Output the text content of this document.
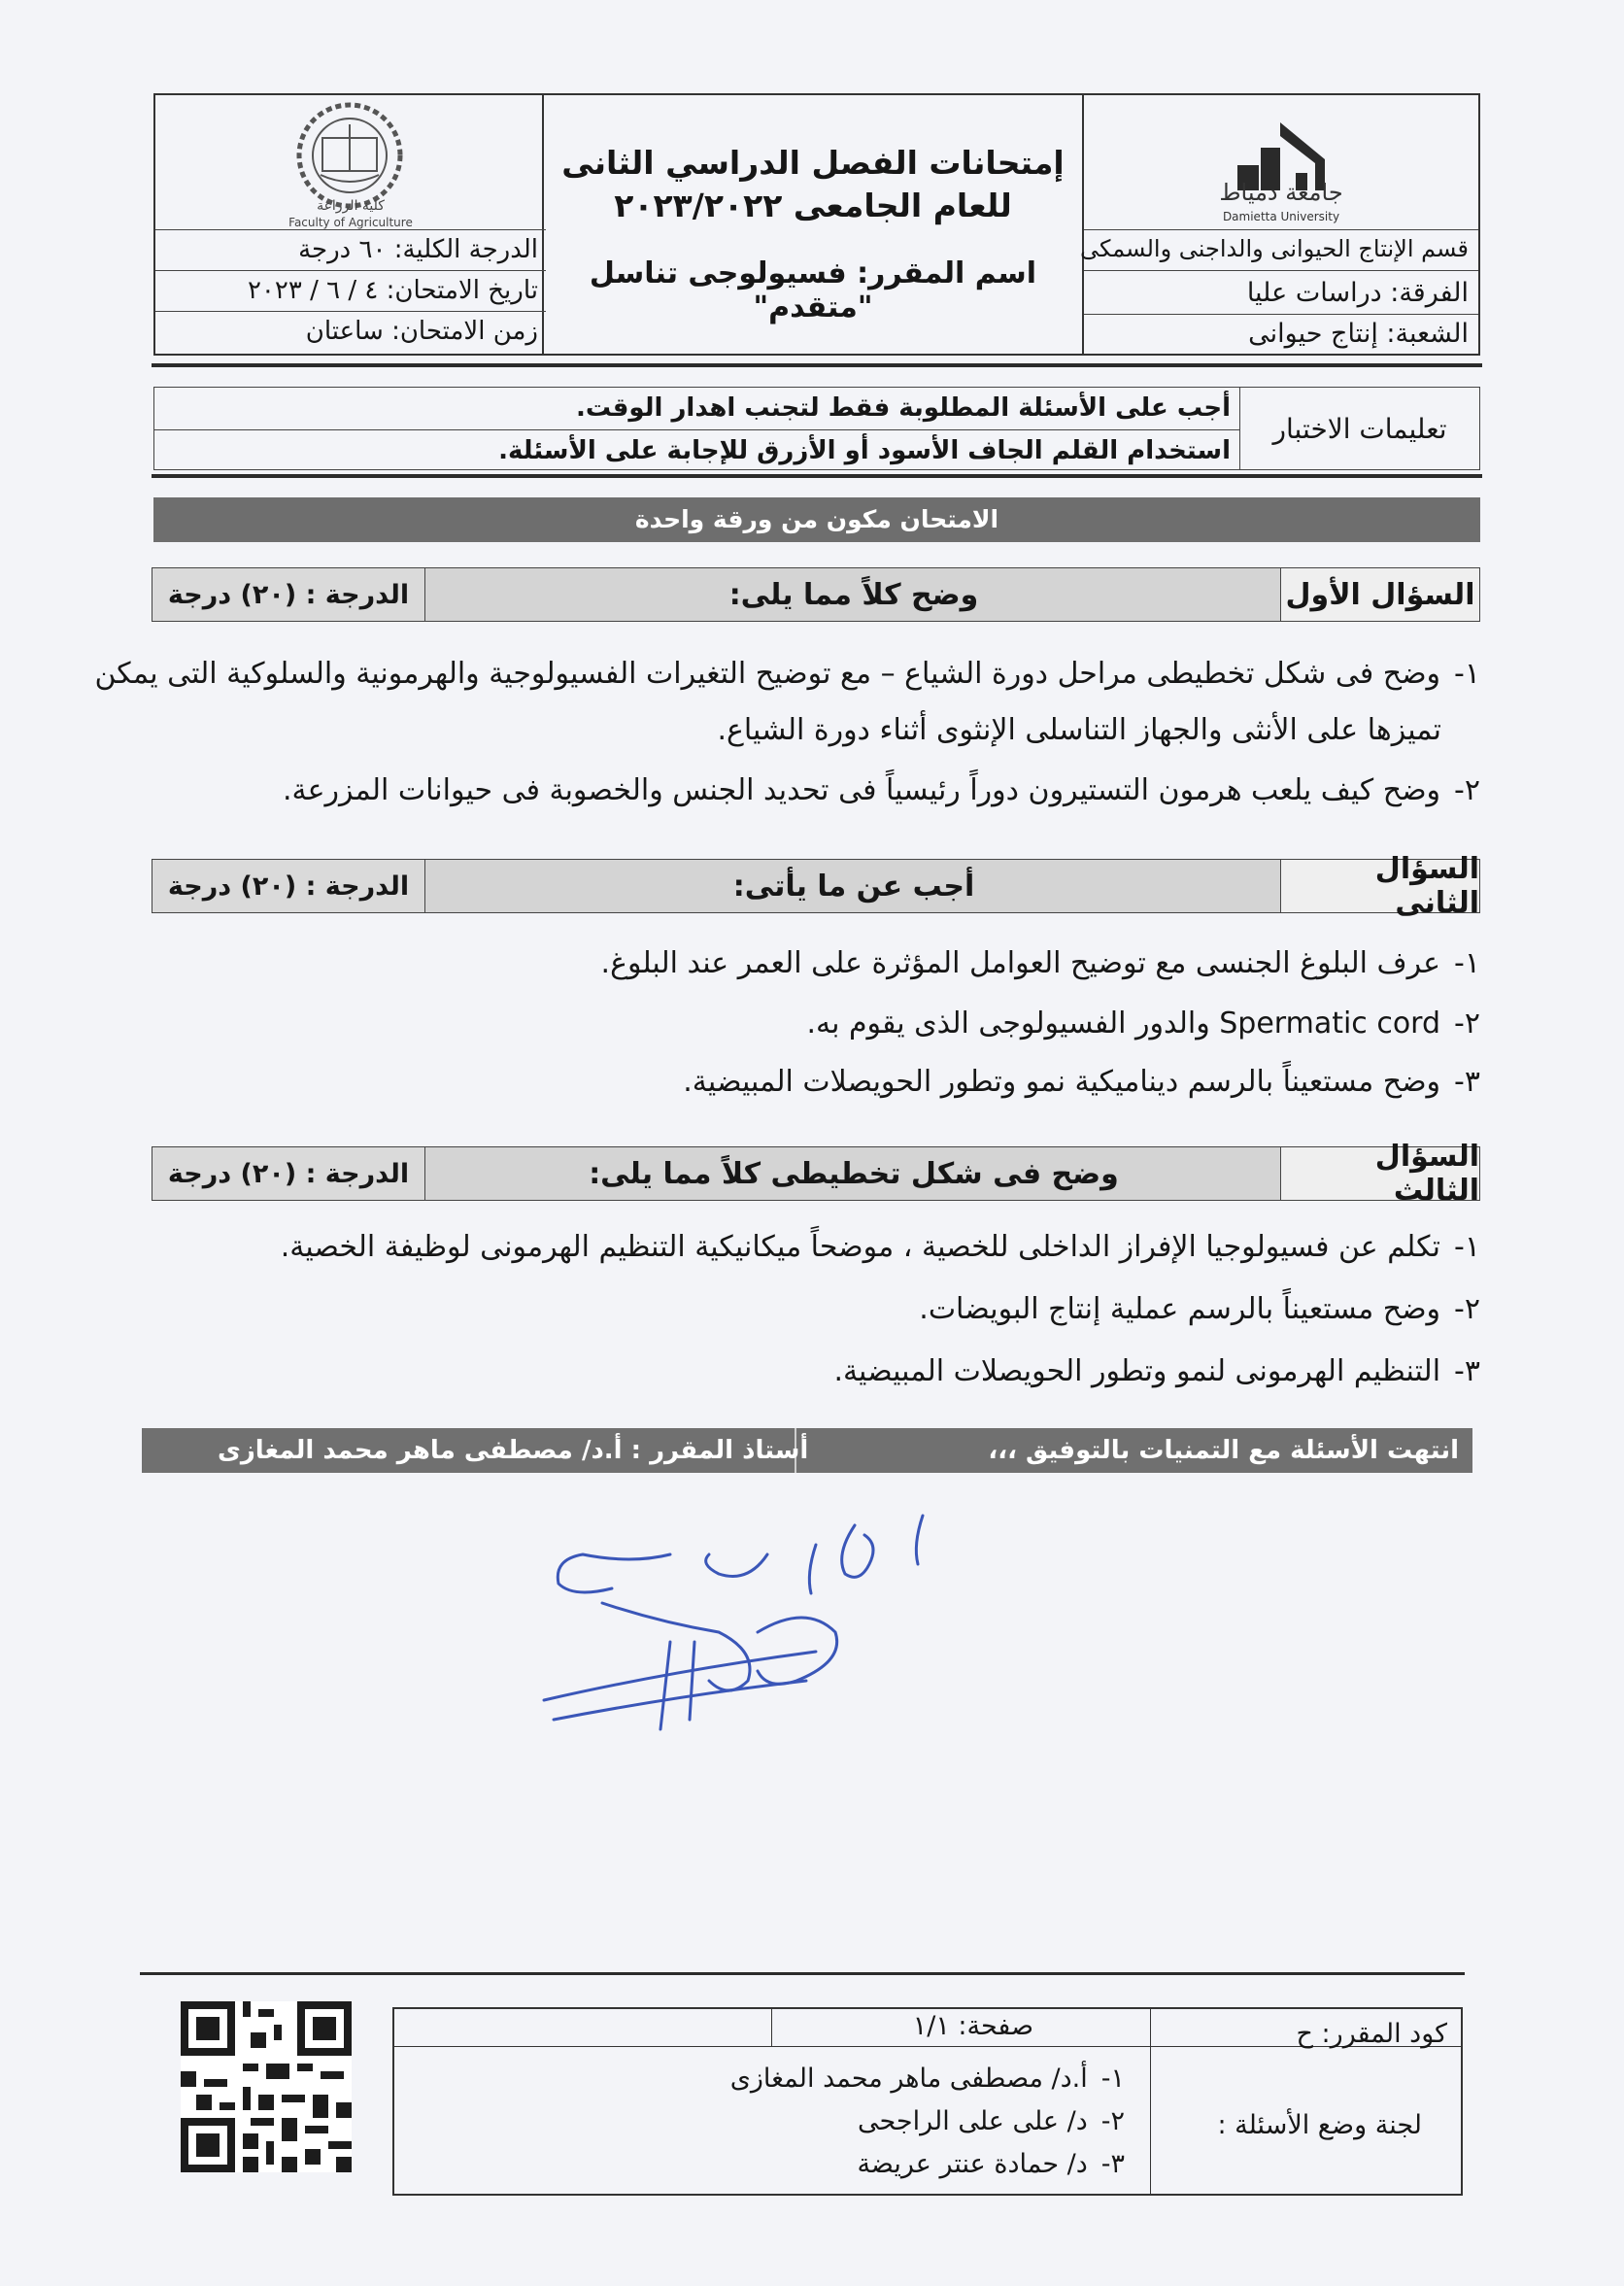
جامعة دمياط
Damietta University
قسم الإنتاج الحيوانى والداجنى والسمكى
الفرقة: دراسات عليا
الشعبة: إنتاج حيوانى
إمتحانات الفصل الدراسي الثانى
للعام الجامعى ٢٠٢٣/٢٠٢٢
اسم المقرر: فسيولوجى تناسل "متقدم"
كلية الزراعة
Faculty of Agriculture
الدرجة الكلية: ٦٠ درجة
تاريخ الامتحان: ٤ / ٦ / ٢٠٢٣
زمن الامتحان: ساعتان
تعليمات الاختبار
أجب على الأسئلة المطلوبة فقط لتجنب اهدار الوقت.
استخدام القلم الجاف الأسود أو الأزرق للإجابة على الأسئلة.
الامتحان مكون من ورقة واحدة
السؤال الأول
وضح كلاً مما يلى:
الدرجة : (٢٠) درجة
١-وضح فى شكل تخطيطى مراحل دورة الشياع – مع توضيح التغيرات الفسيولوجية والهرمونية والسلوكية التى يمكن
تميزها على الأنثى والجهاز التناسلى الإنثوى أثناء دورة الشياع.
٢-وضح كيف يلعب هرمون التستيرون دوراً رئيسياً فى تحديد الجنس والخصوبة فى حيوانات المزرعة.
السؤال الثانى
أجب عن ما يأتى:
الدرجة : (٢٠) درجة
١-عرف البلوغ الجنسى مع توضيح العوامل المؤثرة على العمر عند البلوغ.
٢-Spermatic cord والدور الفسيولوجى الذى يقوم به.
٣-وضح مستعيناً بالرسم ديناميكية نمو وتطور الحويصلات المبيضية.
السؤال الثالث
وضح فى شكل تخطيطى كلاً مما يلى:
الدرجة : (٢٠) درجة
١-تكلم عن فسيولوجيا الإفراز الداخلى للخصية ، موضحاً ميكانيكية التنظيم الهرمونى لوظيفة الخصية.
٢-وضح مستعيناً بالرسم عملية إنتاج البويضات.
٣-التنظيم الهرمونى لنمو وتطور الحويصلات المبيضية.
انتهت الأسئلة مع التمنيات بالتوفيق ،،،
أستاذ المقرر : أ.د/ مصطفى ماهر محمد المغازى
كود المقرر: ح
صفحة: ١/١
لجنة وضع الأسئلة :
١-أ.د/ مصطفى ماهر محمد المغازى
٢-د/ على على الراجحى
٣-د/ حمادة عنتر عريضة
